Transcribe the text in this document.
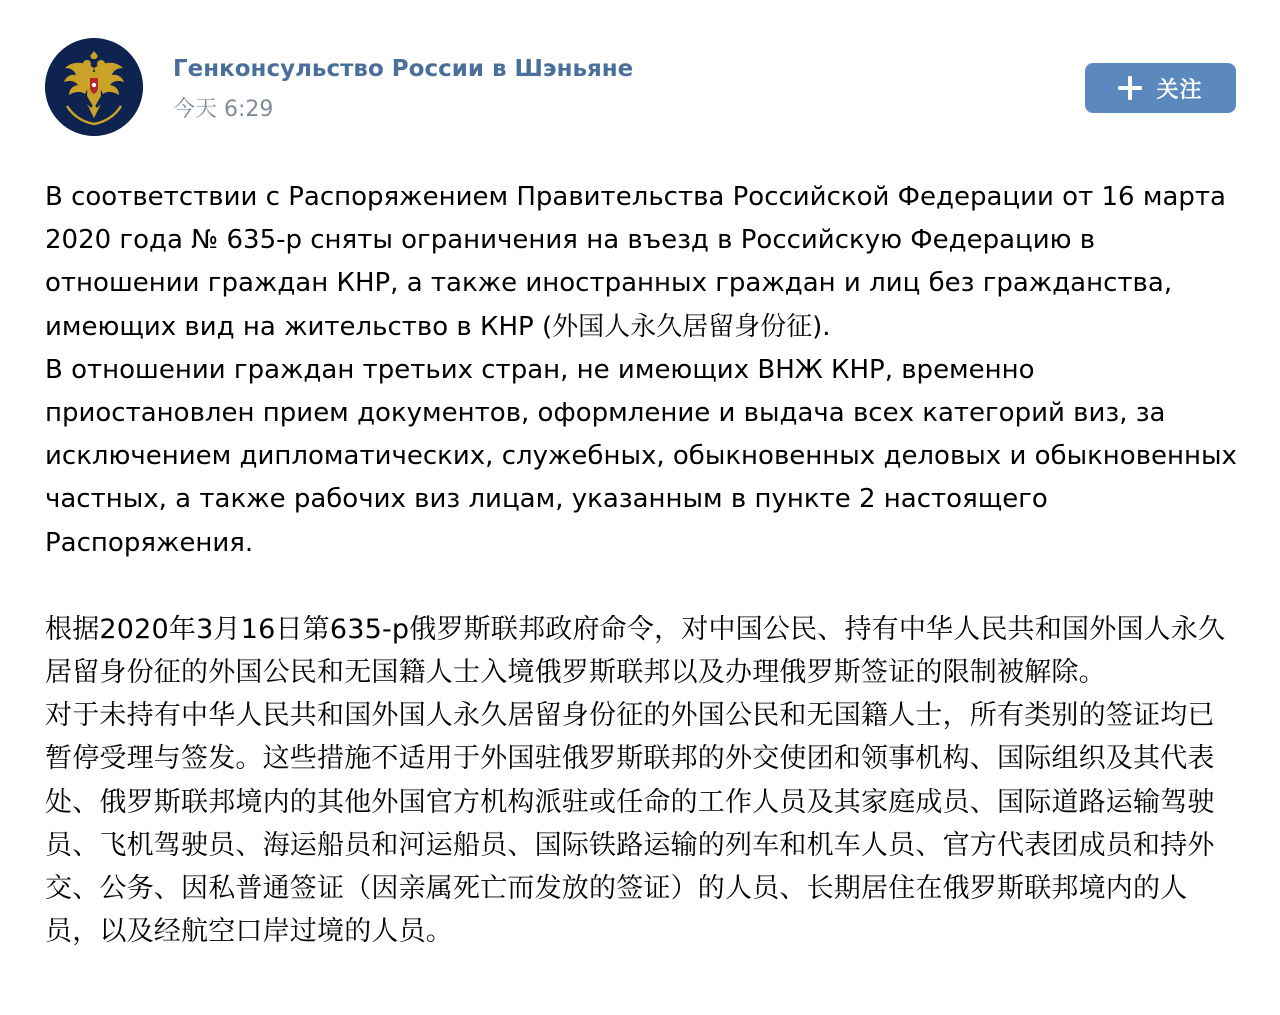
Генконсульство России в Шэньяне
今天 6:29
关注

В соответствии с Распоряжением Правительства Российской Федерации от 16 марта 2020 года № 635-р сняты ограничения на въезд в Российскую Федерацию в отношении граждан КНР, а также иностранных граждан и лиц без гражданства, имеющих вид на жительство в КНР (外国人永久居留身份征).

В отношении граждан третьих стран, не имеющих ВНЖ КНР, временно приостановлен прием документов, оформление и выдача всех категорий виз, за исключением дипломатических, служебных, обыкновенных деловых и обыкновенных частных, а также рабочих виз лицам, указанным в пункте 2 настоящего Распоряжения.

根据2020年3月16日第635-р俄罗斯联邦政府命令，对中国公民、持有中华人民共和国外国人永久居留身份征的外国公民和无国籍人士入境俄罗斯联邦以及办理俄罗斯签证的限制被解除。

对于未持有中华人民共和国外国人永久居留身份征的外国公民和无国籍人士，所有类别的签证均已暂停受理与签发。这些措施不适用于外国驻俄罗斯联邦的外交使团和领事机构、国际组织及其代表处、俄罗斯联邦境内的其他外国官方机构派驻或任命的工作人员及其家庭成员、国际道路运输驾驶员、飞机驾驶员、海运船员和河运船员、国际铁路运输的列车和机车人员、官方代表团成员和持外交、公务、因私普通签证（因亲属死亡而发放的签证）的人员、长期居住在俄罗斯联邦境内的人员，以及经航空口岸过境的人员。
